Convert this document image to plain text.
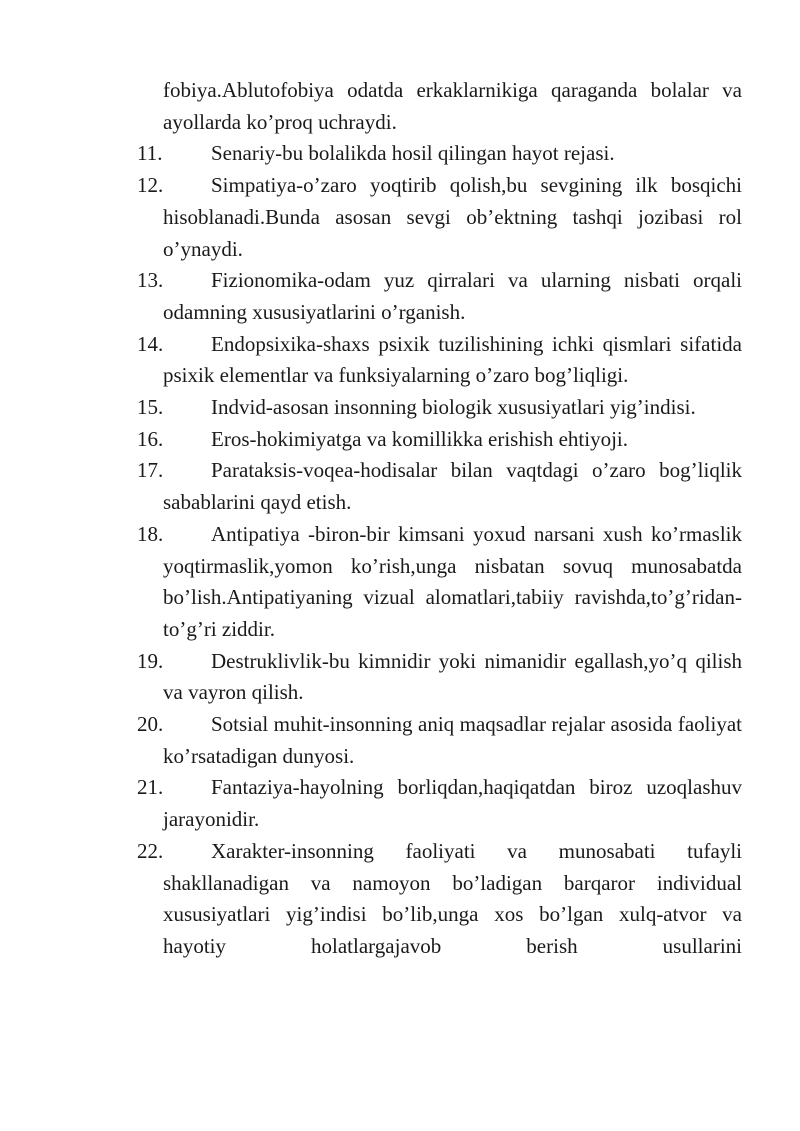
fobiya.Ablutofobiya odatda erkaklarnikiga qaraganda bolalar va ayollarda ko’proq uchraydi.

11. Senariy-bu bolalikda hosil qilingan hayot rejasi.

12. Simpatiya-o’zaro yoqtirib qolish,bu sevgining ilk bosqichi hisoblanadi.Bunda asosan sevgi ob’ektning tashqi jozibasi rol o’ynaydi.

13. Fizionomika-odam yuz qirralari va ularning nisbati orqali odamning xususiyatlarini o’rganish.

14. Endopsixika-shaxs psixik tuzilishining ichki qismlari sifatida psixik elementlar va funksiyalarning o’zaro bog’liqligi.

15. Indvid-asosan insonning biologik xususiyatlari yig’indisi.

16. Eros-hokimiyatga va komillikka erishish ehtiyoji.

17. Parataksis-voqea-hodisalar bilan vaqtdagi o’zaro bog’liqlik sabablarini qayd etish.

18. Antipatiya -biron-bir kimsani yoxud narsani xush ko’rmaslik yoqtirmaslik,yomon ko’rish,unga nisbatan sovuq munosabatda bo’lish.Antipatiyaning vizual alomatlari,tabiiy ravishda,to’g’ridan-to’g’ri ziddir.

19. Destruklivlik-bu kimnidir yoki nimanidir egallash,yo’q qilish va vayron qilish.

20. Sotsial muhit-insonning aniq maqsadlar rejalar asosida faoliyat ko’rsatadigan dunyosi.

21. Fantaziya-hayolning borliqdan,haqiqatdan biroz uzoqlashuv jarayonidir.

22. Xarakter-insonning faoliyati va munosabati tufayli shakllanadigan va namoyon bo’ladigan barqaror individual xususiyatlari yig’indisi bo’lib,unga xos bo’lgan xulq-atvor va hayotiy holatlargajavob berish usullarini
